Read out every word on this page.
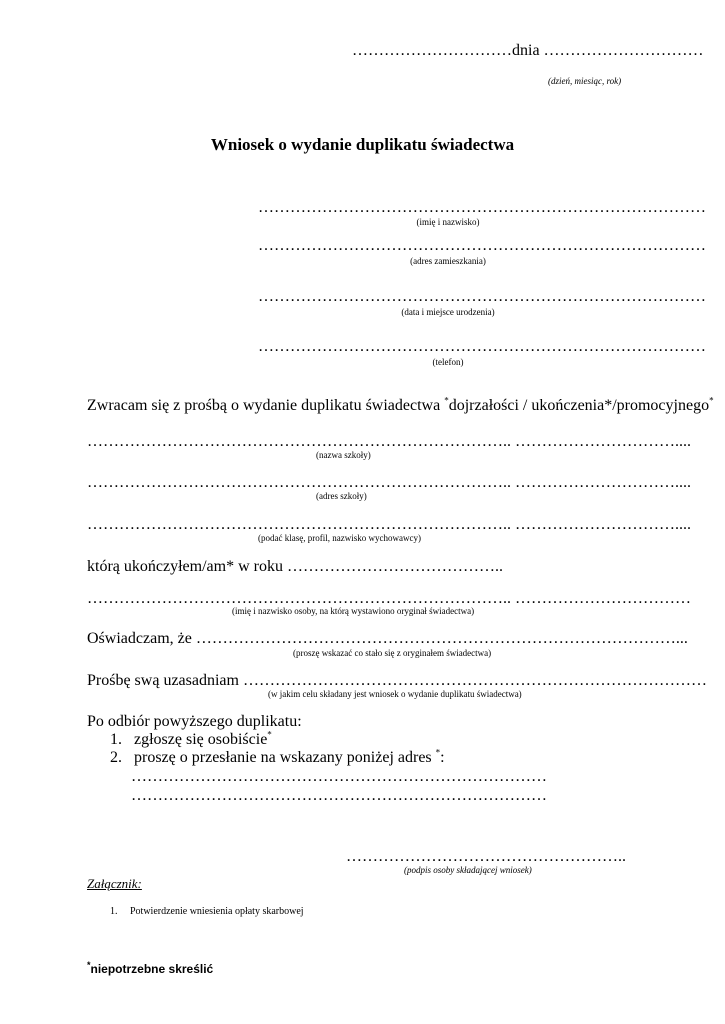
…………………………dnia …………………………
(dzień, miesiąc, rok)
Wniosek o wydanie duplikatu świadectwa
…………………………………………………………………………
(imię i nazwisko)
…………………………………………………………………………
(adres zamieszkania)
…………………………………………………………………………
(data i miejsce urodzenia)
…………………………………………………………………………
(telefon)
Zwracam się z prośbą o wydanie duplikatu świadectwa *dojrzałości / ukończenia*/promocyjnego*
…………………………………………………………………….. …………………………....
(nazwa szkoły)
…………………………………………………………………….. …………………………....
(adres szkoły)
…………………………………………………………………….. …………………………....
(podać klasę, profil, nazwisko wychowawcy)
którą ukończyłem/am* w roku …………………………………..
…………………………………………………………………….. ……………………………
(imię i nazwisko osoby, na którą wystawiono oryginał świadectwa)
Oświadczam, że ………………………………………………………………………………...
(proszę wskazać co stało się z oryginałem świadectwa)
Prośbę swą uzasadniam ……………………………………………………………………………
(w jakim celu składany jest wniosek o wydanie duplikatu świadectwa)
Po odbiór powyższego duplikatu:
1. zgłoszę się osobiście*
2. proszę o przesłanie na wskazany poniżej adres *:
……………………………………………………………………
……………………………………………………………………
……………………………………………..
(podpis osoby składającej wniosek)
Załącznik:
1. Potwierdzenie wniesienia opłaty skarbowej
*niepotrzebne skreślić
